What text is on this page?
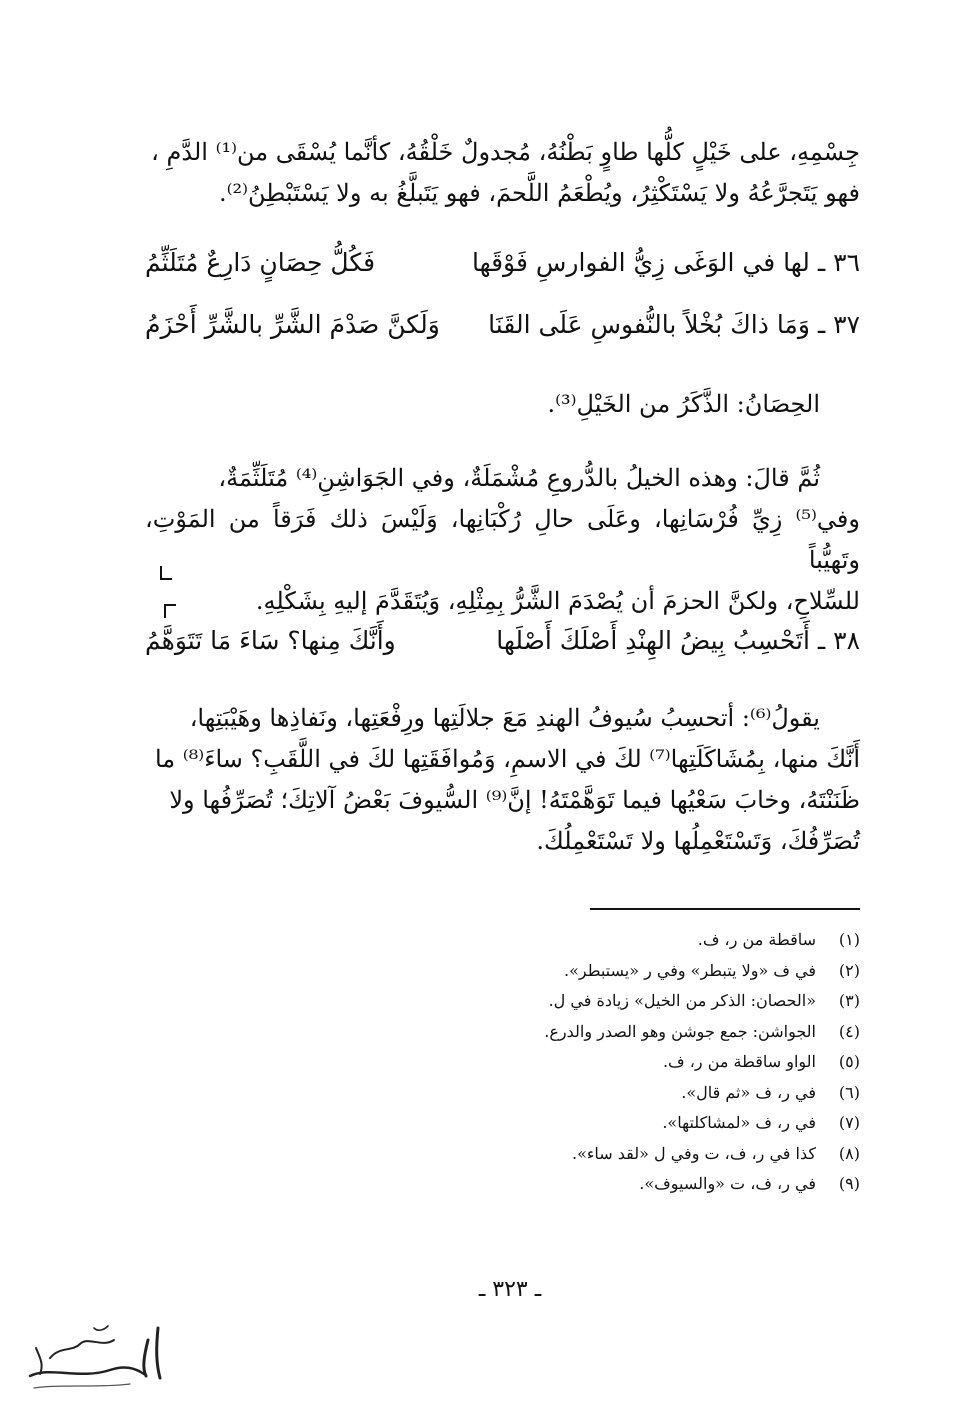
جِسْمِهِ، على خَيْلٍ كلُّها طاوٍ بَطْنُهُ، مُجدولٌ خَلْقُهُ، كأنَّما يُسْقَى من⁽¹⁾ الدَّمِ ،

فهو يَتَجرَّعُهُ ولا يَسْتَكْثِرُ، ويُطْعَمُ اللَّحمَ، فهو يَتَبلَّغُ به ولا يَسْتَبْطِنُ⁽²⁾.

٣٦ ـ لها في الوَغَى زِيُّ الفوارسِ فَوْقَها
فَكُلُّ حِصَانٍ دَارِعٌ مُتَلَثِّمُ
٣٧ ـ وَمَا ذاكَ بُخْلاً بالنُّفوسِ عَلَى القَنَا
وَلَكنَّ صَدْمَ الشَّرِّ بالشَّرِّ أَحْزَمُ

الحِصَانُ: الذَّكَرُ من الخَيْلِ⁽³⁾.

ثُمَّ قالَ: وهذه الخيلُ بالدُّروعِ مُشْمَلَةٌ، وفي الجَوَاشِنِ⁽⁴⁾ مُتَلَثِّمَةٌ،

وفي⁽⁵⁾ زِيِّ فُرْسَانِها، وعَلَى حالِ رُكْبَانِها، وَلَيْسَ ذلك فَرَقاً من المَوْتِ، وتَهيُّباً

للسِّلاحِ، ولكنَّ الحزمَ أن يُصْدَمَ الشَّرُّ بِمِثْلِهِ، وَيُتَقَدَّمَ إليهِ بِشَكْلِهِ.

٣٨ ـ أَتَحْسِبُ بِيضُ الهِنْدِ أَصْلَكَ أَصْلَها
وأَنَّكَ مِنها؟ سَاءَ مَا تَتَوَهَّمُ

يقولُ⁽⁶⁾: أتحسِبُ سُيوفُ الهندِ مَعَ جلالَتِها ورِفْعَتِها، ونَفاذِها وهَيْبَتِها،

أَنَّكَ منها، بِمُشَاكَلَتِها⁽⁷⁾ لكَ في الاسمِ، وَمُوافَقَتِها لكَ في اللَّقَبِ؟ ساءَ⁽⁸⁾ ما

ظَنَنْتَهُ، وخابَ سَعْيُها فيما تَوَهَّمْتَهُ! إنَّ⁽⁹⁾ السُّيوفَ بَعْضُ آلاتِكَ؛ تُصَرِّفُها ولا

تُصَرِّفُكَ، وَتَسْتَعْمِلُها ولا تَسْتَعْمِلُكَ.

(١)ساقطة من ر، ف.
(٢)في ف «ولا يتبطر» وفي ر «يستبطر».
(٣)«الحصان: الذكر من الخيل» زيادة في ل.
(٤)الجواشن: جمع جوشن وهو الصدر والدرع.
(٥)الواو ساقطة من ر، ف.
(٦)في ر، ف «ثم قال».
(٧)في ر، ف «لمشاكلتها».
(٨)كذا في ر، ف، ت وفي ل «لقد ساء».
(٩)في ر، ف، ت «والسيوف».
ـ ٣٢٣ ـ
